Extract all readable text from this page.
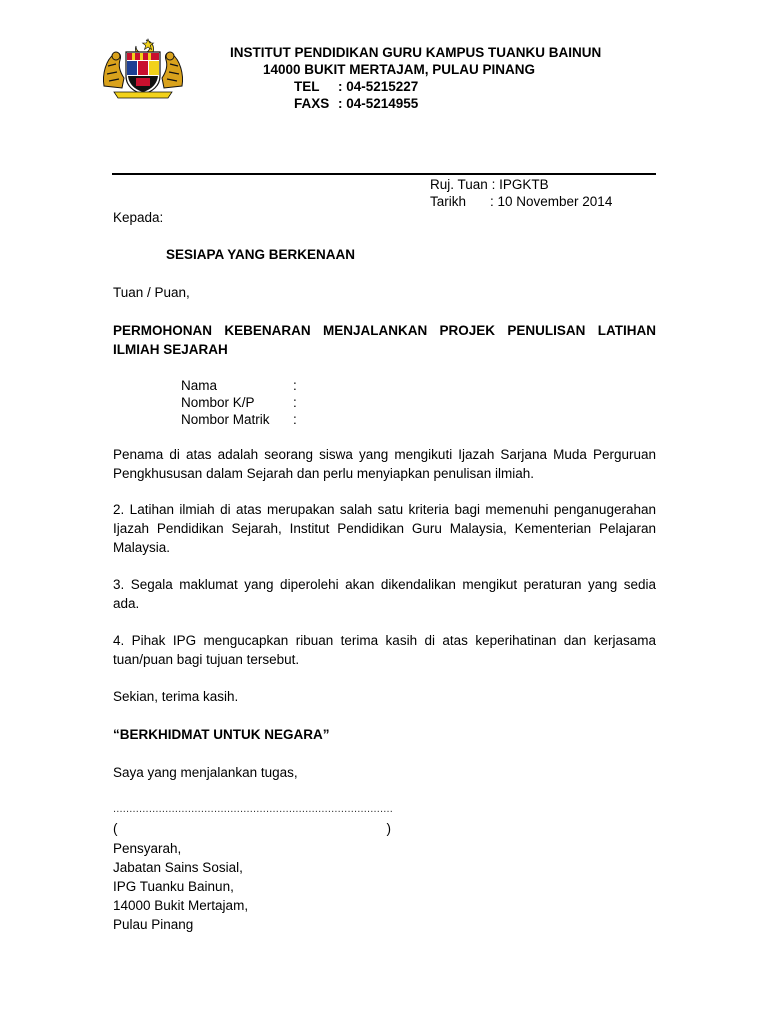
INSTITUT PENDIDIKAN GURU KAMPUS TUANKU BAINUN
14000 BUKIT MERTAJAM, PULAU PINANG
TEL : 04-5215227
FAXS : 04-5214955
Ruj. Tuan : IPGKTB
Tarikh : 10 November 2014
Kepada:
SESIAPA YANG BERKENAAN
Tuan / Puan,
PERMOHONAN KEBENARAN MENJALANKAN PROJEK PENULISAN LATIHAN ILMIAH SEJARAH
Nama	:
Nombor K/P	:
Nombor Matrik :
Penama di atas adalah seorang siswa yang mengikuti Ijazah Sarjana Muda Perguruan Pengkhususan dalam Sejarah dan perlu menyiapkan penulisan ilmiah.
2. Latihan ilmiah di atas merupakan salah satu kriteria bagi memenuhi penganugerahan Ijazah Pendidikan Sejarah, Institut Pendidikan Guru Malaysia, Kementerian Pelajaran Malaysia.
3. Segala maklumat yang diperolehi akan dikendalikan mengikut peraturan yang sedia ada.
4. Pihak IPG mengucapkan ribuan terima kasih di atas keperihatinan dan kerjasama tuan/puan bagi tujuan tersebut.
Sekian, terima kasih.
“BERKHIDMAT UNTUK NEGARA”
Saya yang menjalankan tugas,
......................................................................................
(	)
Pensyarah,
Jabatan Sains Sosial,
IPG Tuanku Bainun,
14000 Bukit Mertajam,
Pulau Pinang
